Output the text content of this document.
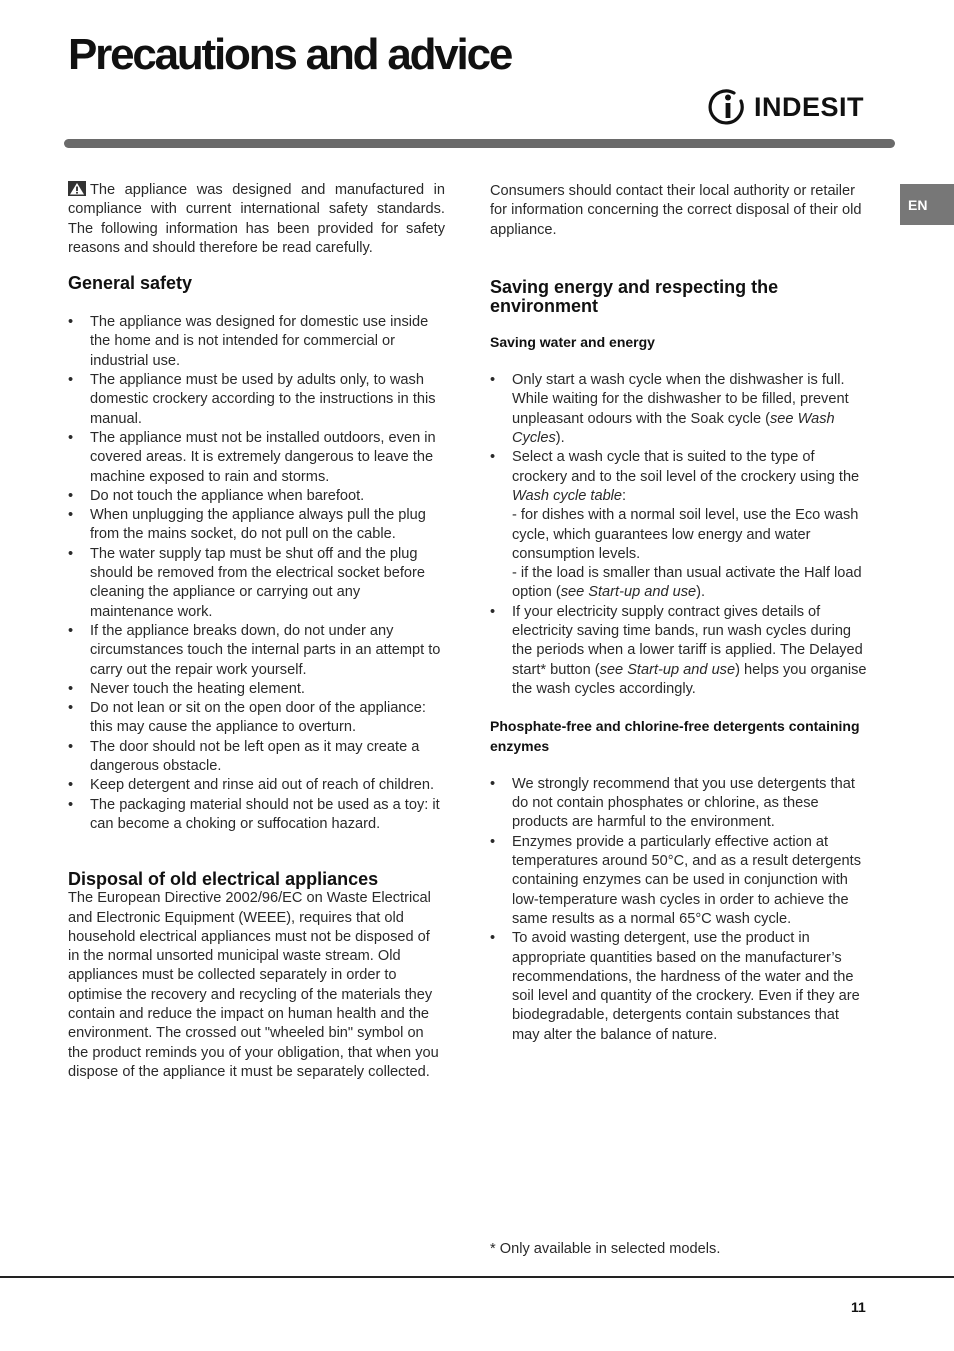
Precautions and advice
INDESIT
EN

The appliance was designed and manufactured in compliance with current international safety standards. The following information has been provided for safety reasons and should therefore be read carefully.

General safety
• The appliance was designed for domestic use inside the home and is not intended for commercial or industrial use.
• The appliance must be used by adults only, to wash domestic crockery according to the instructions in this manual.
• The appliance must not be installed outdoors, even in covered areas. It is extremely dangerous to leave the machine exposed to rain and storms.
• Do not touch the appliance when barefoot.
• When unplugging the appliance always pull the plug from the mains socket, do not pull on the cable.
• The water supply tap must be shut off and the plug should be removed from the electrical socket before cleaning the appliance or carrying out any maintenance work.
• If the appliance breaks down, do not under any circumstances touch the internal parts in an attempt to carry out the repair work yourself.
• Never touch the heating element.
• Do not lean or sit on the open door of the appliance: this may cause the appliance to overturn.
• The door should not be left open as it may create a dangerous obstacle.
• Keep detergent and rinse aid out of reach of children.
• The packaging material should not be used as a toy: it can become a choking or suffocation hazard.
Disposal of old electrical appliances

The European Directive 2002/96/EC on Waste Electrical and Electronic Equipment (WEEE), requires that old household electrical appliances must not be disposed of in the normal unsorted municipal waste stream. Old appliances must be collected separately in order to optimise the recovery and recycling of the materials they contain and reduce the impact on human health and the environment. The crossed out "wheeled bin" symbol on the product reminds you of your obligation, that when you dispose of the appliance it must be separately collected.

Consumers should contact their local authority or retailer for information concerning the correct disposal of their old appliance.

Saving energy and respecting the environment
Saving water and energy
• Only start a wash cycle when the dishwasher is full. While waiting for the dishwasher to be filled, prevent unpleasant odours with the Soak cycle (see Wash Cycles).
• Select a wash cycle that is suited to the type of crockery and to the soil level of the crockery using the Wash cycle table:
- for dishes with a normal soil level, use the Eco wash cycle, which guarantees low energy and water consumption levels.
- if the load is smaller than usual activate the Half load option (see Start-up and use).
• If your electricity supply contract gives details of electricity saving time bands, run wash cycles during the periods when a lower tariff is applied. The Delayed start* button (see Start-up and use) helps you organise the wash cycles accordingly.
Phosphate-free and chlorine-free detergents containing enzymes
• We strongly recommend that you use detergents that do not contain phosphates or chlorine, as these products are harmful to the environment.
• Enzymes provide a particularly effective action at temperatures around 50°C, and as a result detergents containing enzymes can be used in conjunction with low-temperature wash cycles in order to achieve the same results as a normal 65°C wash cycle.
• To avoid wasting detergent, use the product in appropriate quantities based on the manufacturer’s recommendations, the hardness of the water and the soil level and quantity of the crockery. Even if they are biodegradable, detergents contain substances that may alter the balance of nature.
* Only available in selected models.
11
